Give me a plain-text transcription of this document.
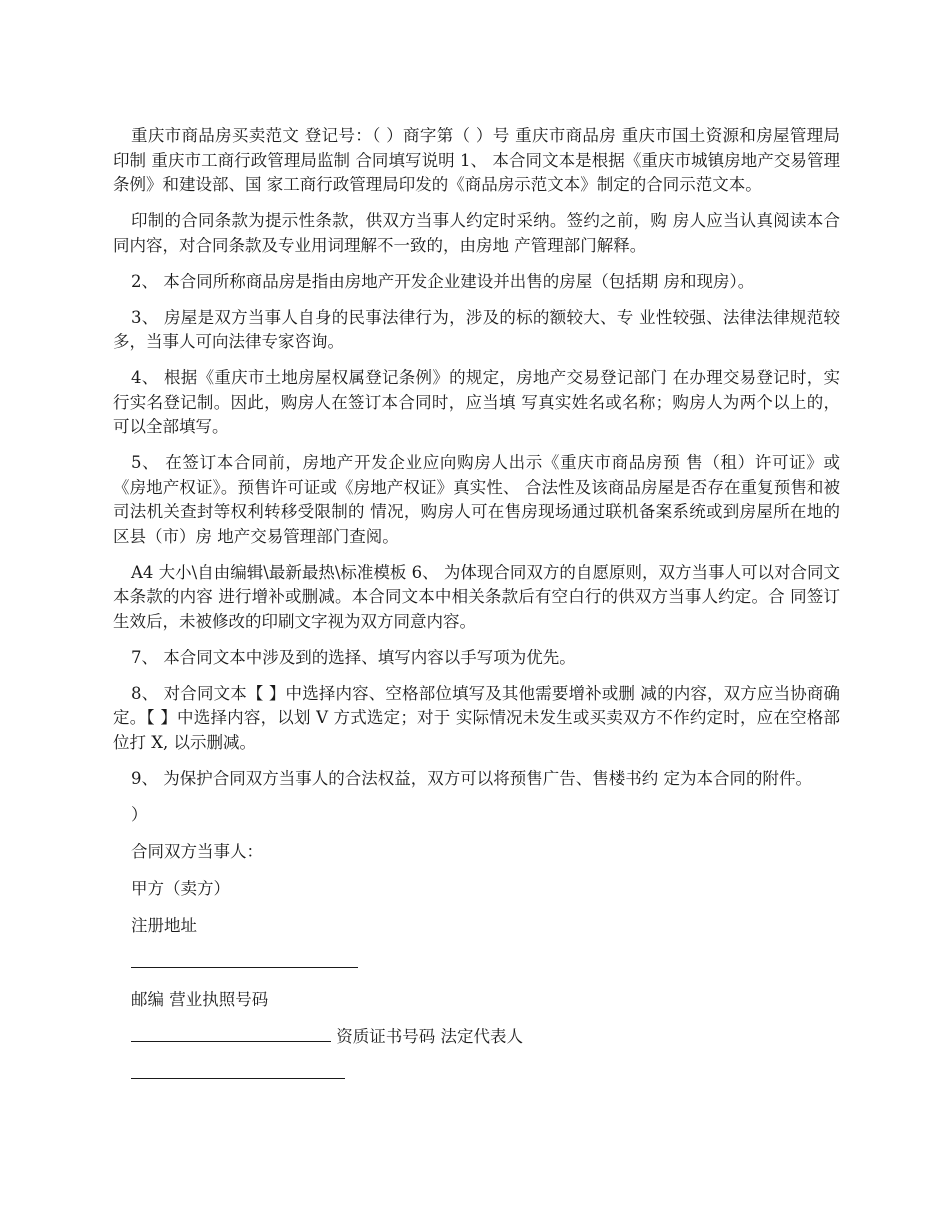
重庆市商品房买卖范文 登记号：（ ）商字第（ ）号 重庆市商品房 重庆市国土资源和房屋管理局印制 重庆市工商行政管理局监制 合同填写说明 1、 本合同文本是根据《重庆市城镇房地产交易管理条例》和建设部、国 家工商行政管理局印发的《商品房示范文本》制定的合同示范文本。

印制的合同条款为提示性条款，供双方当事人约定时采纳。签约之前，购 房人应当认真阅读本合同内容，对合同条款及专业用词理解不一致的，由房地 产管理部门解释。

2、 本合同所称商品房是指由房地产开发企业建设并出售的房屋（包括期 房和现房）。

3、 房屋是双方当事人自身的民事法律行为，涉及的标的额较大、专 业性较强、法律法律规范较多，当事人可向法律专家咨询。

4、 根据《重庆市土地房屋权属登记条例》的规定，房地产交易登记部门 在办理交易登记时，实行实名登记制。因此，购房人在签订本合同时，应当填 写真实姓名或名称；购房人为两个以上的，可以全部填写。

5、 在签订本合同前，房地产开发企业应向购房人出示《重庆市商品房预 售（租）许可证》或《房地产权证》。预售许可证或《房地产权证》真实性、 合法性及该商品房屋是否存在重复预售和被司法机关查封等权利转移受限制的 情况，购房人可在售房现场通过联机备案系统或到房屋所在地的区县（市）房 地产交易管理部门查阅。

A4 大小\自由编辑\最新最热\标准模板 6、 为体现合同双方的自愿原则，双方当事人可以对合同文本条款的内容 进行增补或删减。本合同文本中相关条款后有空白行的供双方当事人约定。合 同签订生效后，未被修改的印刷文字视为双方同意内容。

7、 本合同文本中涉及到的选择、填写内容以手写项为优先。

8、 对合同文本【 】中选择内容、空格部位填写及其他需要增补或删 减的内容，双方应当协商确定。【 】中选择内容，以划 V 方式选定；对于 实际情况未发生或买卖双方不作约定时，应在空格部位打 X, 以示删减。

9、 为保护合同双方当事人的合法权益，双方可以将预售广告、售楼书约 定为本合同的附件。

）
合同双方当事人：
甲方（卖方）
注册地址
邮编 营业执照号码
资质证书号码 法定代表人
